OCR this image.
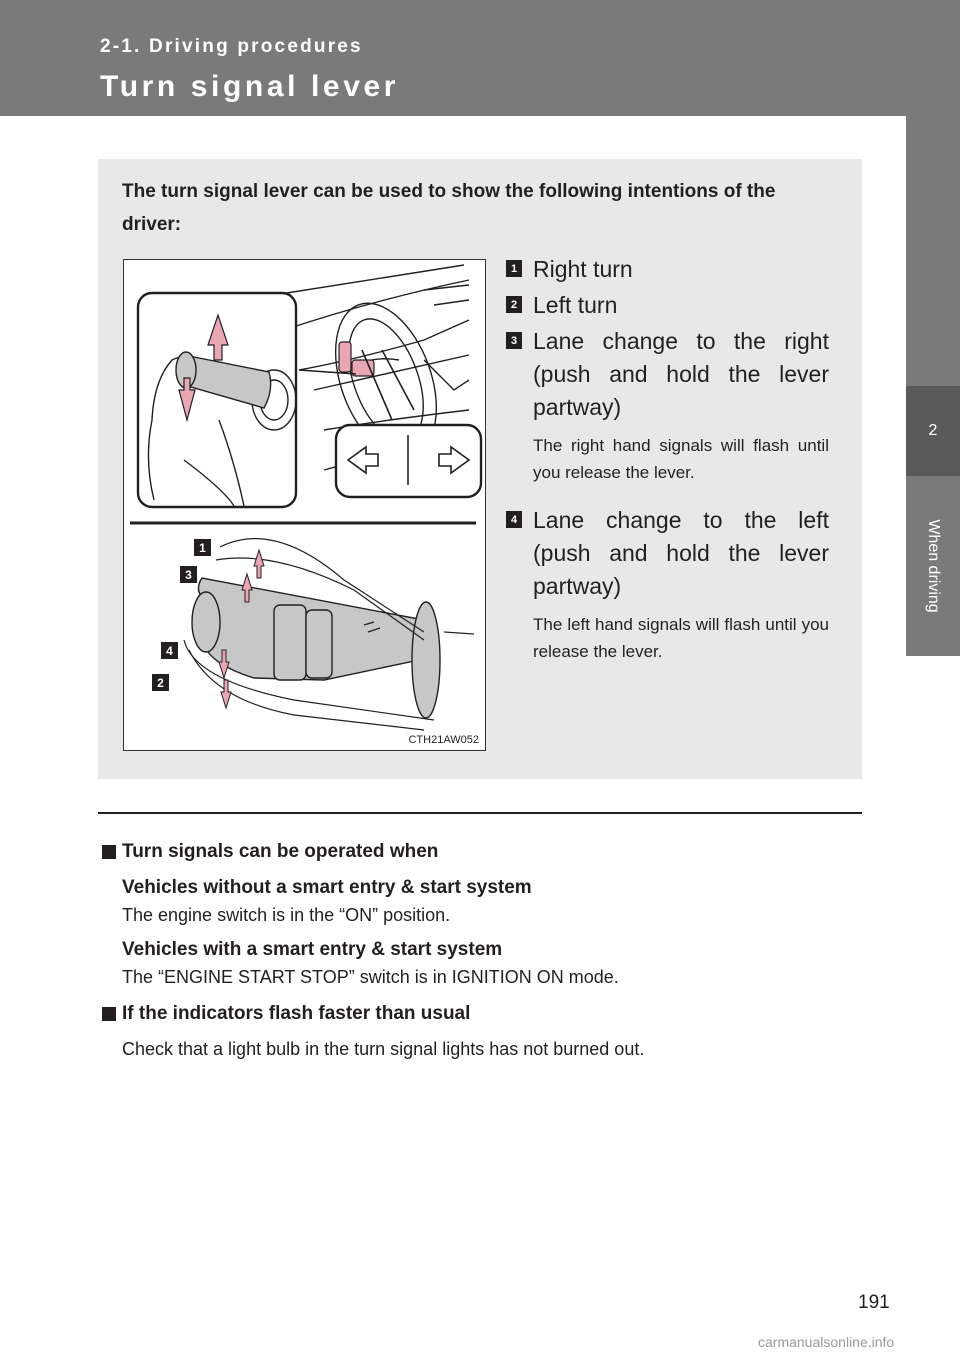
2-1. Driving procedures
Turn signal lever
2
When driving
The turn signal lever can be used to show the following intentions of the driver:
1
3
4
2
CTH21AW052
1 Right turn
2 Left turn
3 Lane change to the right (push and hold the lever partway)
The right hand signals will flash until you release the lever.
4 Lane change to the left (push and hold the lever partway)
The left hand signals will flash until you release the lever.
Turn signals can be operated when
Vehicles without a smart entry & start system
The engine switch is in the “ON” position.
Vehicles with a smart entry & start system
The “ENGINE START STOP” switch is in IGNITION ON mode.
If the indicators flash faster than usual
Check that a light bulb in the turn signal lights has not burned out.
191
carmanualsonline.info
